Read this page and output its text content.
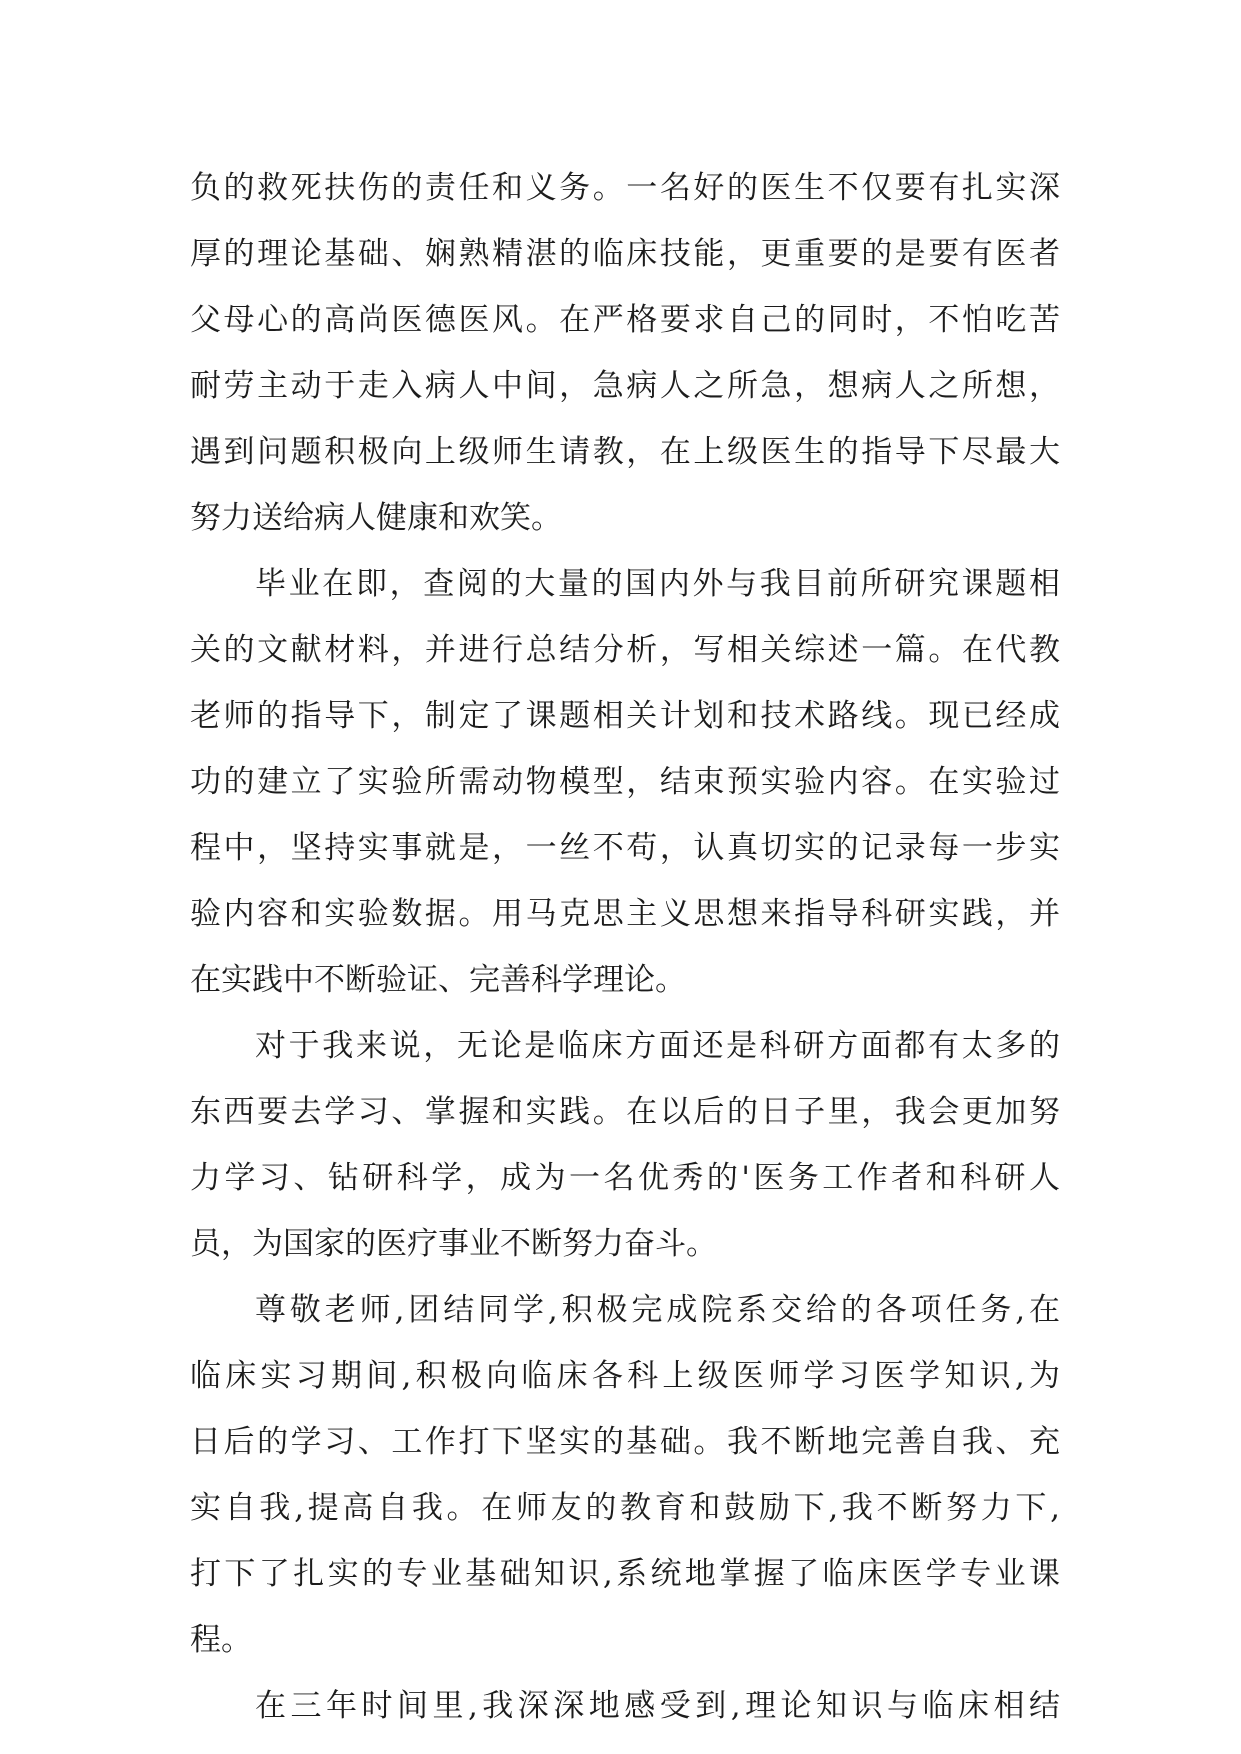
负的救死扶伤的责任和义务。一名好的医生不仅要有扎实深
厚的理论基础、娴熟精湛的临床技能，更重要的是要有医者
父母心的高尚医德医风。在严格要求自己的同时，不怕吃苦
耐劳主动于走入病人中间，急病人之所急，想病人之所想，
遇到问题积极向上级师生请教，在上级医生的指导下尽最大
努力送给病人健康和欢笑。
毕业在即，查阅的大量的国内外与我目前所研究课题相
关的文献材料，并进行总结分析，写相关综述一篇。在代教
老师的指导下，制定了课题相关计划和技术路线。现已经成
功的建立了实验所需动物模型，结束预实验内容。在实验过
程中，坚持实事就是，一丝不苟，认真切实的记录每一步实
验内容和实验数据。用马克思主义思想来指导科研实践，并
在实践中不断验证、完善科学理论。
对于我来说，无论是临床方面还是科研方面都有太多的
东西要去学习、掌握和实践。在以后的日子里，我会更加努
力学习、钻研科学，成为一名优秀的'医务工作者和科研人
员，为国家的医疗事业不断努力奋斗。
尊敬老师,团结同学,积极完成院系交给的各项任务,在
临床实习期间,积极向临床各科上级医师学习医学知识,为
日后的学习、工作打下坚实的基础。我不断地完善自我、充
实自我,提高自我。在师友的教育和鼓励下,我不断努力下,
打下了扎实的专业基础知识,系统地掌握了临床医学专业课
程。
在三年时间里,我深深地感受到,理论知识与临床相结
